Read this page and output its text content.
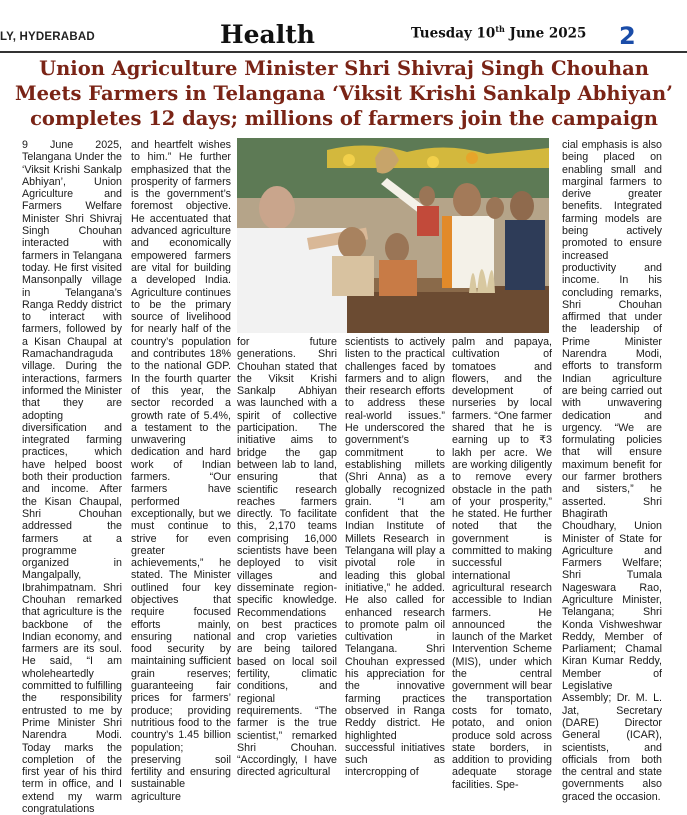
LY, HYDERABAD	Health	Tuesday 10th June 2025 2
Union Agriculture Minister Shri Shivraj Singh Chouhan Meets Farmers in Telangana ‘Viksit Krishi Sankalp Abhiyan’ completes 12 days; millions of farmers join the campaign
9 June 2025, Telangana Under the ‘Viksit Krishi Sankalp Abhiyan’, Union Agriculture and Farmers Welfare Minister Shri Shivraj Singh Chouhan interacted with farmers in Telangana today. He first visited Mansonpally village in Telangana’s Ranga Reddy district to interact with farmers, followed by a Kisan Chaupal at Ramachandraguda village. During the interactions, farmers informed the Minister that they are adopting diversification and integrated farming practices, which have helped boost both their production and income. After the Kisan Chaupal, Shri Chouhan addressed the farmers at a programme organized in Mangalpally, Ibrahimpatnam. Shri Chouhan remarked that agriculture is the backbone of the Indian economy, and farmers are its soul. He said, “I am wholeheartedly committed to fulfilling the responsibility entrusted to me by Prime Minister Shri Narendra Modi. Today marks the completion of the first year of his third term in office, and I extend my warm congratulations
and heartfelt wishes to him.” He further emphasized that the prosperity of farmers is the government’s foremost objective. He accentuated that advanced agriculture and economically empowered farmers are vital for building a developed India. Agriculture continues to be the primary source of livelihood for nearly half of the country’s population and contributes 18% to the national GDP. In the fourth quarter of this year, the sector recorded a growth rate of 5.4%, a testament to the unwavering dedication and hard work of Indian farmers. “Our farmers have performed exceptionally, but we must continue to strive for even greater achievements,” he stated. The Minister outlined four key objectives that require focused efforts mainly, ensuring national food security by maintaining sufficient grain reserves; guaranteeing fair prices for farmers’ produce; providing nutritious food to the country’s 1.45 billion population; preserving soil fertility and ensuring sustainable agriculture
for future generations. Shri Chouhan stated that the Viksit Krishi Sankalp Abhiyan was launched with a spirit of collective participation. The initiative aims to bridge the gap between lab to land, ensuring that scientific research reaches farmers directly. To facilitate this, 2,170 teams comprising 16,000 scientists have been deployed to visit villages and disseminate region-specific knowledge. Recommendations on best practices and crop varieties are being tailored based on local soil fertility, climatic conditions, and regional requirements. “The farmer is the true scientist,” remarked Shri Chouhan. “Accordingly, I have directed agricultural
scientists to actively listen to the practical challenges faced by farmers and to align their research efforts to address these real-world issues.” He underscored the government’s commitment to establishing millets (Shri Anna) as a globally recognized grain. “I am confident that the Indian Institute of Millets Research in Telangana will play a pivotal role in leading this global initiative,” he added. He also called for enhanced research to promote palm oil cultivation in Telangana. Shri Chouhan expressed his appreciation for the innovative farming practices observed in Ranga Reddy district. He highlighted successful initiatives such as intercropping of
palm and papaya, cultivation of tomatoes and flowers, and the development of nurseries by local farmers. “One farmer shared that he is earning up to ₹3 lakh per acre. We are working diligently to remove every obstacle in the path of your prosperity,” he stated. He further noted that the government is committed to making successful international agricultural research accessible to Indian farmers. He announced the launch of the Market Intervention Scheme (MIS), under which the central government will bear the transportation costs for tomato, potato, and onion produce sold across state borders, in addition to providing adequate storage facilities. Spe-
cial emphasis is also being placed on enabling small and marginal farmers to derive greater benefits. Integrated farming models are being actively promoted to ensure increased productivity and income. In his concluding remarks, Shri Chouhan affirmed that under the leadership of Prime Minister Narendra Modi, efforts to transform Indian agriculture are being carried out with unwavering dedication and urgency. “We are formulating policies that will ensure maximum benefit for our farmer brothers and sisters,” he asserted. Shri Bhagirath Choudhary, Union Minister of State for Agriculture and Farmers Welfare; Shri Tumala Nageswara Rao, Agriculture Minister, Telangana; Shri Konda Vishweshwar Reddy, Member of Parliament; Chamal Kiran Kumar Reddy, Member of Legislative Assembly; Dr. M. L. Jat, Secretary (DARE) Director General (ICAR), scientists, and officials from both the central and state governments also graced the occasion.
